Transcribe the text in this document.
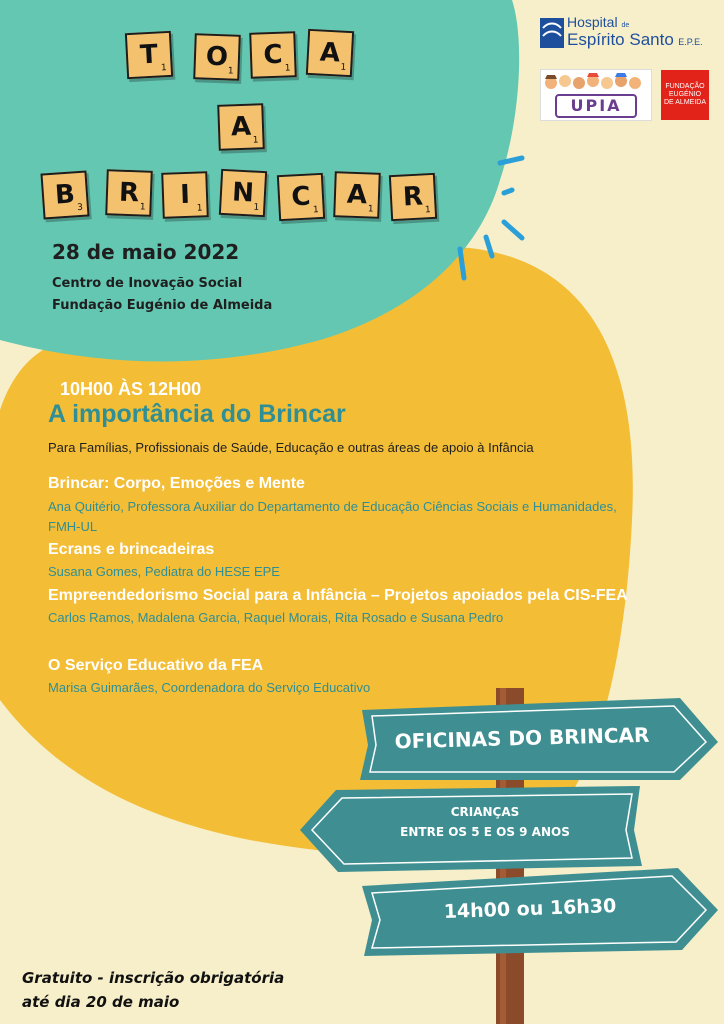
T 1 O 1
C 1 A 1
A 1
B 3 R 1 I 1 N
1 C 1 A 1 R 1
28 de maio 2022
Centro de Inovação Social
Fundação Eugénio de Almeida
Hospital de
Espírito Santo E.P.E.
UPIA
FUNDAÇÃO
EUGÉNIO
DE ALMEIDA
10H00 ÀS 12H00
A importância do Brincar
Para Famílias, Profissionais de Saúde, Educação e outras áreas de apoio à Infância
Brincar: Corpo, Emoções e Mente
Ana Quitério, Professora Auxiliar do Departamento de Educação Ciências Sociais e Humanidades, FMH-UL
Ecrans e brincadeiras
Susana Gomes, Pediatra do HESE EPE
Empreendedorismo Social para a Infância – Projetos apoiados pela CIS-FEA
Carlos Ramos, Madalena Garcia, Raquel Morais, Rita Rosado e Susana Pedro
O Serviço Educativo da FEA
Marisa Guimarães, Coordenadora do Serviço Educativo
OFICINAS DO BRINCAR
CRIANÇAS
ENTRE OS 5 E OS 9 ANOS
14h00 ou 16h30
Gratuito - inscrição obrigatória
até dia 20 de maio
